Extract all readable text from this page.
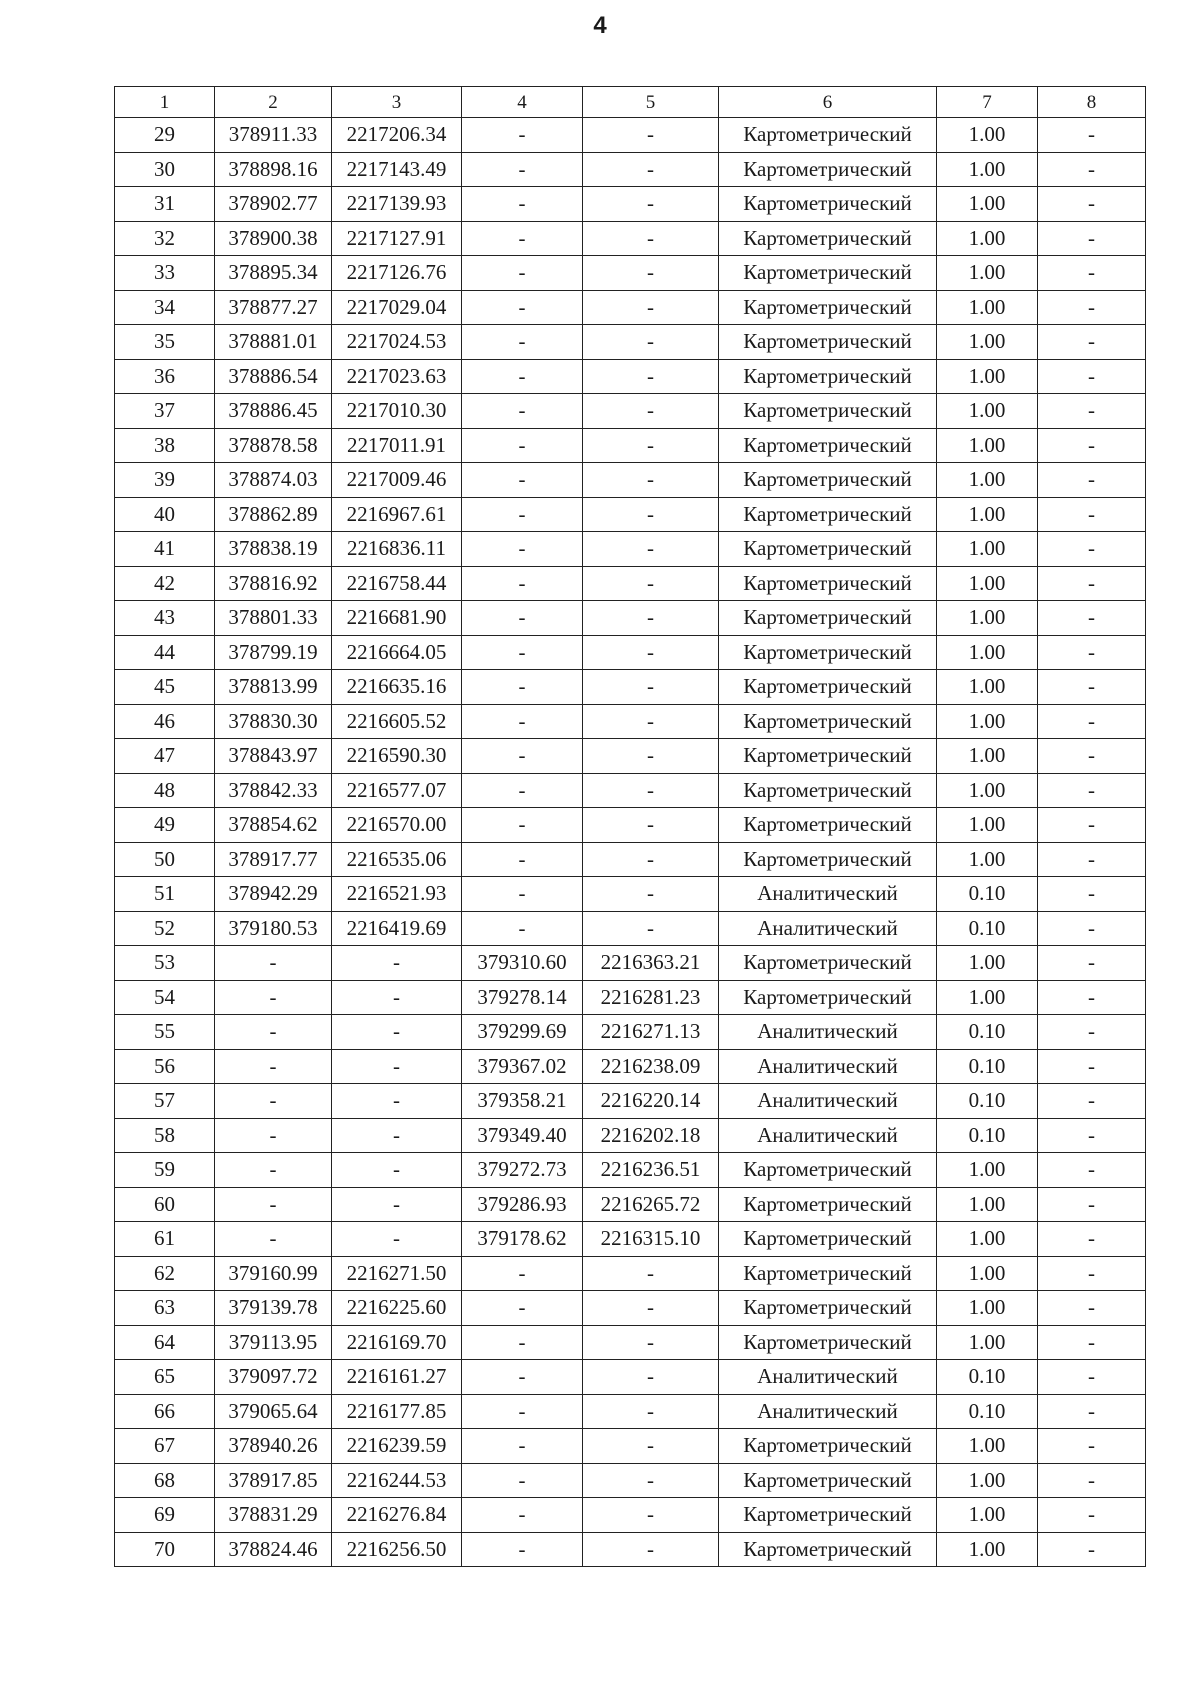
4
1	2	3	4	5	6	7	8
29	378911.33	2217206.34	-	-	Картометрический	1.00	-
30	378898.16	2217143.49	-	-	Картометрический	1.00	-
31	378902.77	2217139.93	-	-	Картометрический	1.00	-
32	378900.38	2217127.91	-	-	Картометрический	1.00	-
33	378895.34	2217126.76	-	-	Картометрический	1.00	-
34	378877.27	2217029.04	-	-	Картометрический	1.00	-
35	378881.01	2217024.53	-	-	Картометрический	1.00	-
36	378886.54	2217023.63	-	-	Картометрический	1.00	-
37	378886.45	2217010.30	-	-	Картометрический	1.00	-
38	378878.58	2217011.91	-	-	Картометрический	1.00	-
39	378874.03	2217009.46	-	-	Картометрический	1.00	-
40	378862.89	2216967.61	-	-	Картометрический	1.00	-
41	378838.19	2216836.11	-	-	Картометрический	1.00	-
42	378816.92	2216758.44	-	-	Картометрический	1.00	-
43	378801.33	2216681.90	-	-	Картометрический	1.00	-
44	378799.19	2216664.05	-	-	Картометрический	1.00	-
45	378813.99	2216635.16	-	-	Картометрический	1.00	-
46	378830.30	2216605.52	-	-	Картометрический	1.00	-
47	378843.97	2216590.30	-	-	Картометрический	1.00	-
48	378842.33	2216577.07	-	-	Картометрический	1.00	-
49	378854.62	2216570.00	-	-	Картометрический	1.00	-
50	378917.77	2216535.06	-	-	Картометрический	1.00	-
51	378942.29	2216521.93	-	-	Аналитический	0.10	-
52	379180.53	2216419.69	-	-	Аналитический	0.10	-
53	-	-	379310.60	2216363.21	Картометрический	1.00	-
54	-	-	379278.14	2216281.23	Картометрический	1.00	-
55	-	-	379299.69	2216271.13	Аналитический	0.10	-
56	-	-	379367.02	2216238.09	Аналитический	0.10	-
57	-	-	379358.21	2216220.14	Аналитический	0.10	-
58	-	-	379349.40	2216202.18	Аналитический	0.10	-
59	-	-	379272.73	2216236.51	Картометрический	1.00	-
60	-	-	379286.93	2216265.72	Картометрический	1.00	-
61	-	-	379178.62	2216315.10	Картометрический	1.00	-
62	379160.99	2216271.50	-	-	Картометрический	1.00	-
63	379139.78	2216225.60	-	-	Картометрический	1.00	-
64	379113.95	2216169.70	-	-	Картометрический	1.00	-
65	379097.72	2216161.27	-	-	Аналитический	0.10	-
66	379065.64	2216177.85	-	-	Аналитический	0.10	-
67	378940.26	2216239.59	-	-	Картометрический	1.00	-
68	378917.85	2216244.53	-	-	Картометрический	1.00	-
69	378831.29	2216276.84	-	-	Картометрический	1.00	-
70	378824.46	2216256.50	-	-	Картометрический	1.00	-
